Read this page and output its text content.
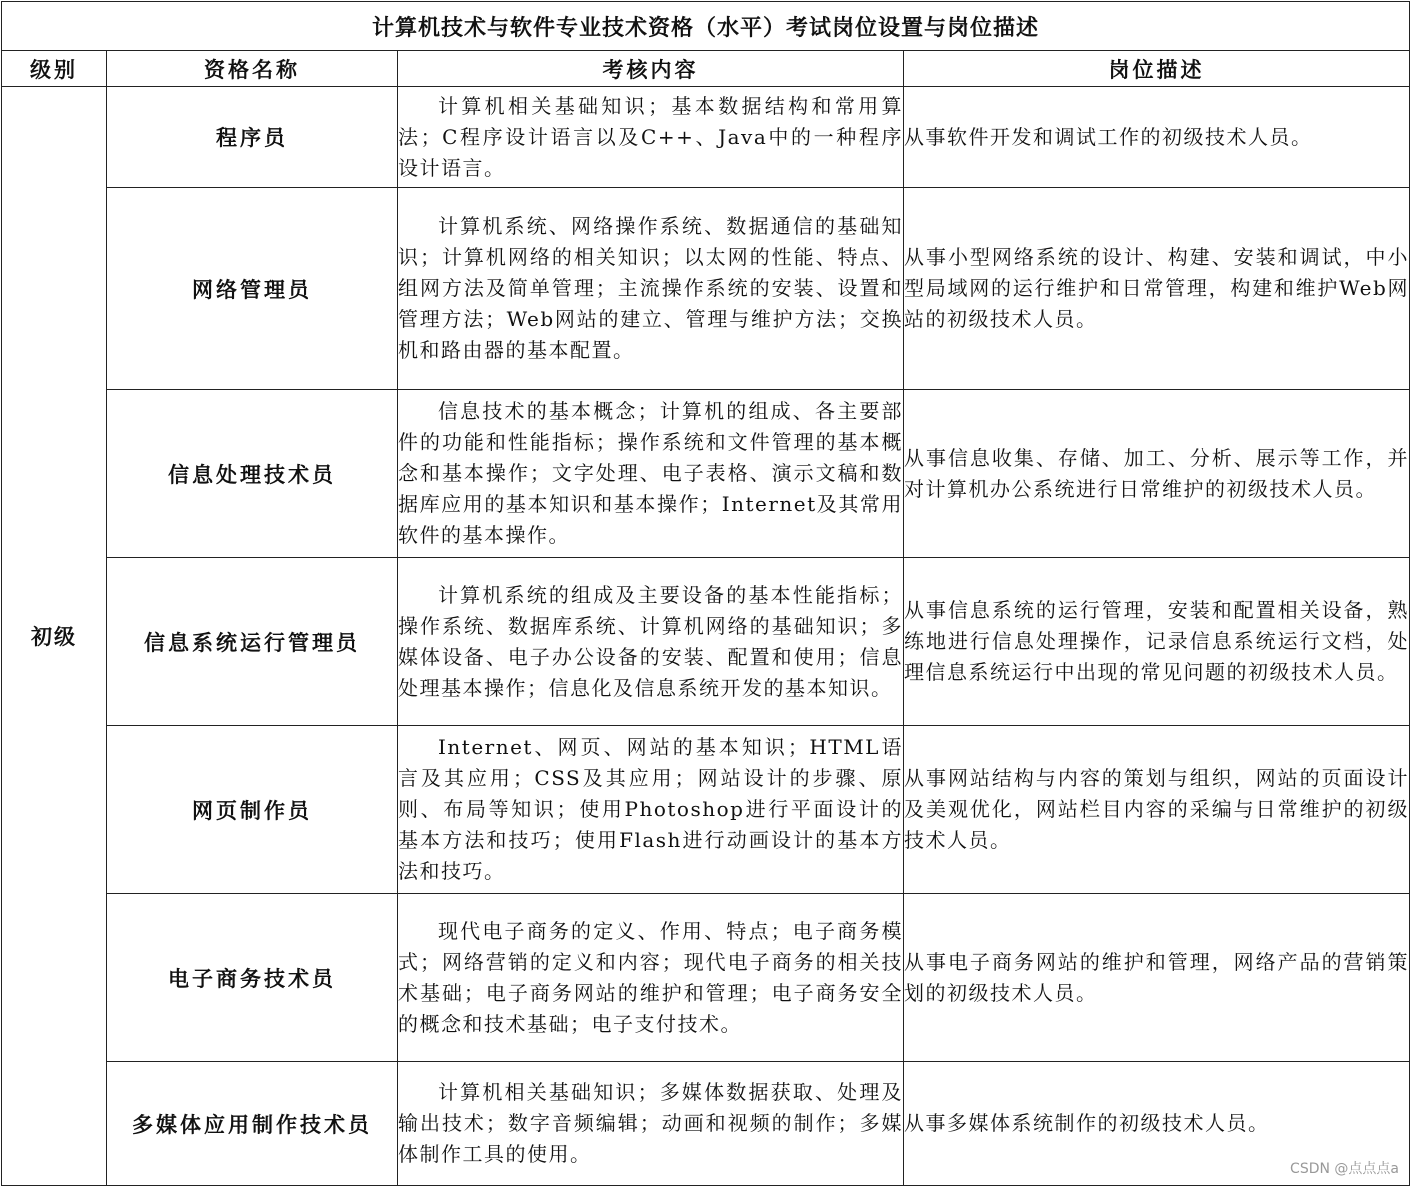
计算机技术与软件专业技术资格（水平）考试岗位设置与岗位描述			
级别	资格名称	考核内容	岗位描述
初级	程序员	计算机相关基础知识；基本数据结构和常用算法；C程序设计语言以及C++、Java中的一种程序设计语言。	从事软件开发和调试工作的初级技术人员。
	网络管理员	计算机系统、网络操作系统、数据通信的基础知识；计算机网络的相关知识；以太网的性能、特点、组网方法及简单管理；主流操作系统的安装、设置和管理方法；Web网站的建立、管理与维护方法；交换机和路由器的基本配置。	从事小型网络系统的设计、构建、安装和调试，中小型局域网的运行维护和日常管理，构建和维护Web网站的初级技术人员。
	信息处理技术员	信息技术的基本概念；计算机的组成、各主要部件的功能和性能指标；操作系统和文件管理的基本概念和基本操作；文字处理、电子表格、演示文稿和数据库应用的基本知识和基本操作；Internet及其常用软件的基本操作。	从事信息收集、存储、加工、分析、展示等工作，并对计算机办公系统进行日常维护的初级技术人员。
	信息系统运行管理员	计算机系统的组成及主要设备的基本性能指标；操作系统、数据库系统、计算机网络的基础知识；多媒体设备、电子办公设备的安装、配置和使用；信息处理基本操作；信息化及信息系统开发的基本知识。	从事信息系统的运行管理，安装和配置相关设备，熟练地进行信息处理操作，记录信息系统运行文档，处理信息系统运行中出现的常见问题的初级技术人员。
	网页制作员	Internet、网页、网站的基本知识；HTML语言及其应用；CSS及其应用；网站设计的步骤、原则、布局等知识；使用Photoshop进行平面设计的基本方法和技巧；使用Flash进行动画设计的基本方法和技巧。	从事网站结构与内容的策划与组织，网站的页面设计及美观优化，网站栏目内容的采编与日常维护的初级技术人员。
	电子商务技术员	现代电子商务的定义、作用、特点；电子商务模式；网络营销的定义和内容；现代电子商务的相关技术基础；电子商务网站的维护和管理；电子商务安全的概念和技术基础；电子支付技术。	从事电子商务网站的维护和管理，网络产品的营销策划的初级技术人员。
	多媒体应用制作技术员	计算机相关基础知识；多媒体数据获取、处理及输出技术；数字音频编辑；动画和视频的制作；多媒体制作工具的使用。	从事多媒体系统制作的初级技术人员。
CSDN @点点点a
